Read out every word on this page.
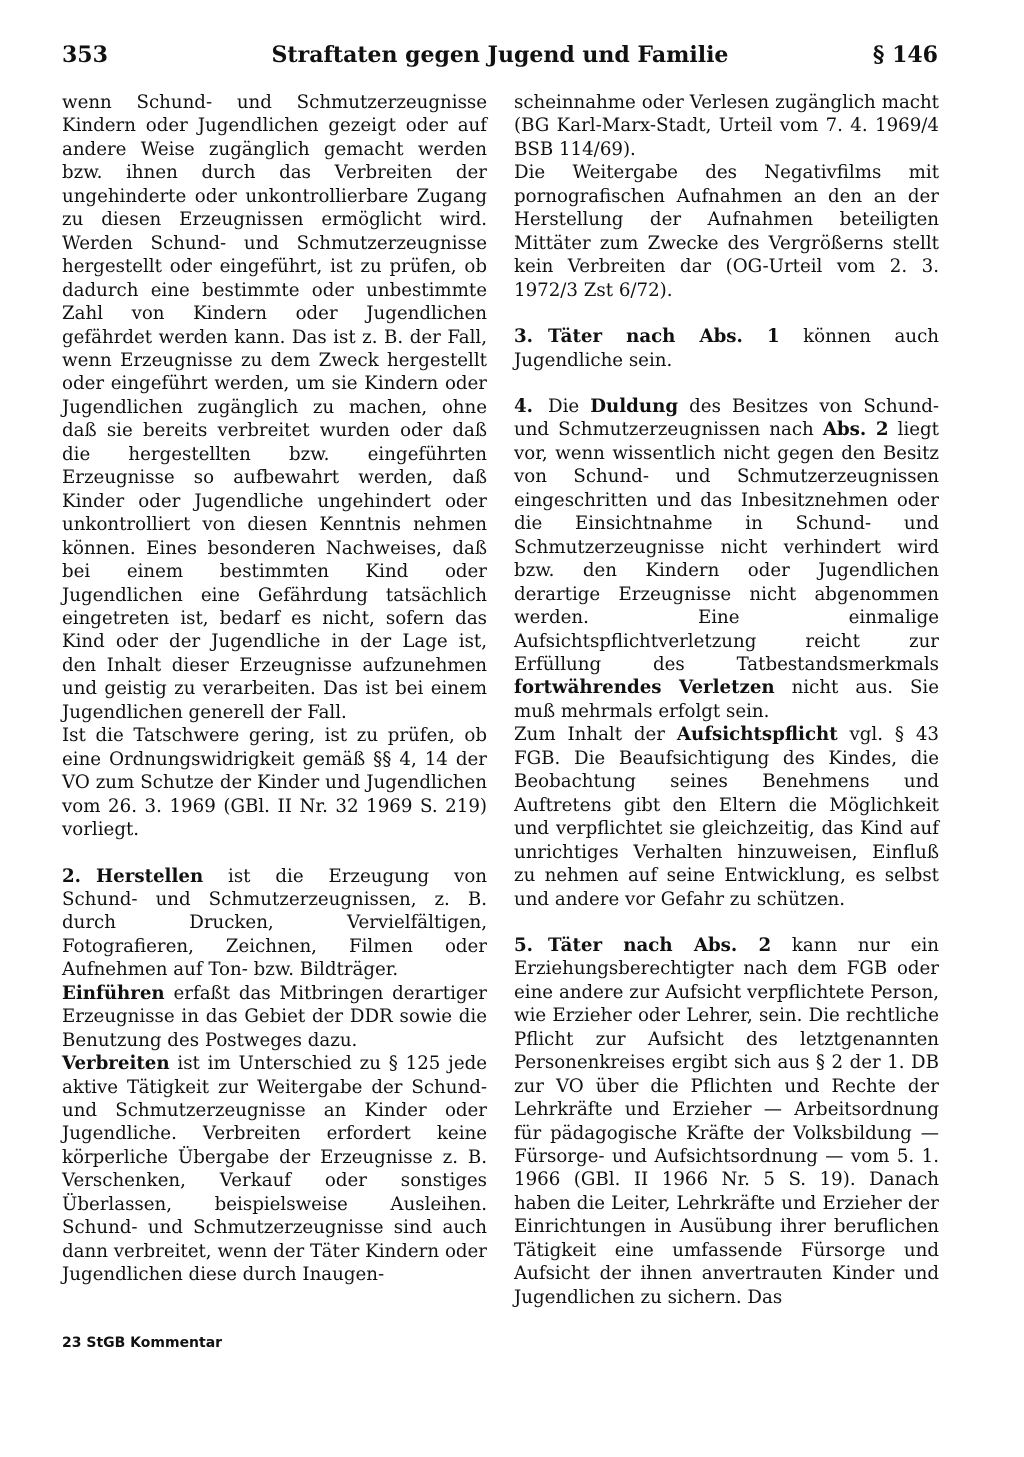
353	Straftaten gegen Jugend und Familie	§ 146

wenn Schund- und Schmutzerzeugnisse Kindern oder Jugendlichen gezeigt oder auf andere Weise zugänglich gemacht werden bzw. ihnen durch das Verbreiten der ungehinderte oder unkontrollierbare Zugang zu diesen Erzeugnissen ermöglicht wird. Werden Schund- und Schmutzerzeugnisse hergestellt oder eingeführt, ist zu prüfen, ob dadurch eine bestimmte oder unbestimmte Zahl von Kindern oder Jugendlichen gefährdet werden kann. Das ist z. B. der Fall, wenn Erzeugnisse zu dem Zweck hergestellt oder eingeführt werden, um sie Kindern oder Jugendlichen zugänglich zu machen, ohne daß sie bereits verbreitet wurden oder daß die hergestellten bzw. eingeführten Erzeugnisse so aufbewahrt werden, daß Kinder oder Jugendliche ungehindert oder unkontrolliert von diesen Kenntnis nehmen können. Eines besonderen Nachweises, daß bei einem bestimmten Kind oder Jugendlichen eine Gefährdung tatsächlich eingetreten ist, bedarf es nicht, sofern das Kind oder der Jugendliche in der Lage ist, den Inhalt dieser Erzeugnisse aufzunehmen und geistig zu verarbeiten. Das ist bei einem Jugendlichen generell der Fall.

Ist die Tatschwere gering, ist zu prüfen, ob eine Ordnungswidrigkeit gemäß §§ 4, 14 der VO zum Schutze der Kinder und Jugendlichen vom 26. 3. 1969 (GBl. II Nr. 32 1969 S. 219) vorliegt.

2. Herstellen ist die Erzeugung von Schund- und Schmutzerzeugnissen, z. B. durch Drucken, Vervielfältigen, Fotografieren, Zeichnen, Filmen oder Aufnehmen auf Ton- bzw. Bildträger.

Einführen erfaßt das Mitbringen derartiger Erzeugnisse in das Gebiet der DDR sowie die Benutzung des Postweges dazu.

Verbreiten ist im Unterschied zu § 125 jede aktive Tätigkeit zur Weitergabe der Schund- und Schmutzerzeugnisse an Kinder oder Jugendliche. Verbreiten erfordert keine körperliche Übergabe der Erzeugnisse z. B. Verschenken, Verkauf oder sonstiges Überlassen, beispielsweise Ausleihen. Schund- und Schmutzerzeugnisse sind auch dann verbreitet, wenn der Täter Kindern oder Jugendlichen diese durch Inaugen-

scheinnahme oder Verlesen zugänglich macht (BG Karl-Marx-Stadt, Urteil vom 7. 4. 1969/4 BSB 114/69).

Die Weitergabe des Negativfilms mit pornografischen Aufnahmen an den an der Herstellung der Aufnahmen beteiligten Mittäter zum Zwecke des Vergrößerns stellt kein Verbreiten dar (OG-Urteil vom 2. 3. 1972/3 Zst 6/72).

3. Täter nach Abs. 1 können auch Jugendliche sein.

4. Die Duldung des Besitzes von Schund- und Schmutzerzeugnissen nach Abs. 2 liegt vor, wenn wissentlich nicht gegen den Besitz von Schund- und Schmutzerzeugnissen eingeschritten und das Inbesitznehmen oder die Einsichtnahme in Schund- und Schmutzerzeugnisse nicht verhindert wird bzw. den Kindern oder Jugendlichen derartige Erzeugnisse nicht abgenommen werden. Eine einmalige Aufsichtspflichtverletzung reicht zur Erfüllung des Tatbestandsmerkmals fortwährendes Verletzen nicht aus. Sie muß mehrmals erfolgt sein.

Zum Inhalt der Aufsichtspflicht vgl. § 43 FGB. Die Beaufsichtigung des Kindes, die Beobachtung seines Benehmens und Auftretens gibt den Eltern die Möglichkeit und verpflichtet sie gleichzeitig, das Kind auf unrichtiges Verhalten hinzuweisen, Einfluß zu nehmen auf seine Entwicklung, es selbst und andere vor Gefahr zu schützen.

5. Täter nach Abs. 2 kann nur ein Erziehungsberechtigter nach dem FGB oder eine andere zur Aufsicht verpflichtete Person, wie Erzieher oder Lehrer, sein. Die rechtliche Pflicht zur Aufsicht des letztgenannten Personenkreises ergibt sich aus § 2 der 1. DB zur VO über die Pflichten und Rechte der Lehrkräfte und Erzieher — Arbeitsordnung für pädagogische Kräfte der Volksbildung — Fürsorge- und Aufsichtsordnung — vom 5. 1. 1966 (GBl. II 1966 Nr. 5 S. 19). Danach haben die Leiter, Lehrkräfte und Erzieher der Einrichtungen in Ausübung ihrer beruflichen Tätigkeit eine umfassende Fürsorge und Aufsicht der ihnen anvertrauten Kinder und Jugendlichen zu sichern. Das

23 StGB Kommentar
